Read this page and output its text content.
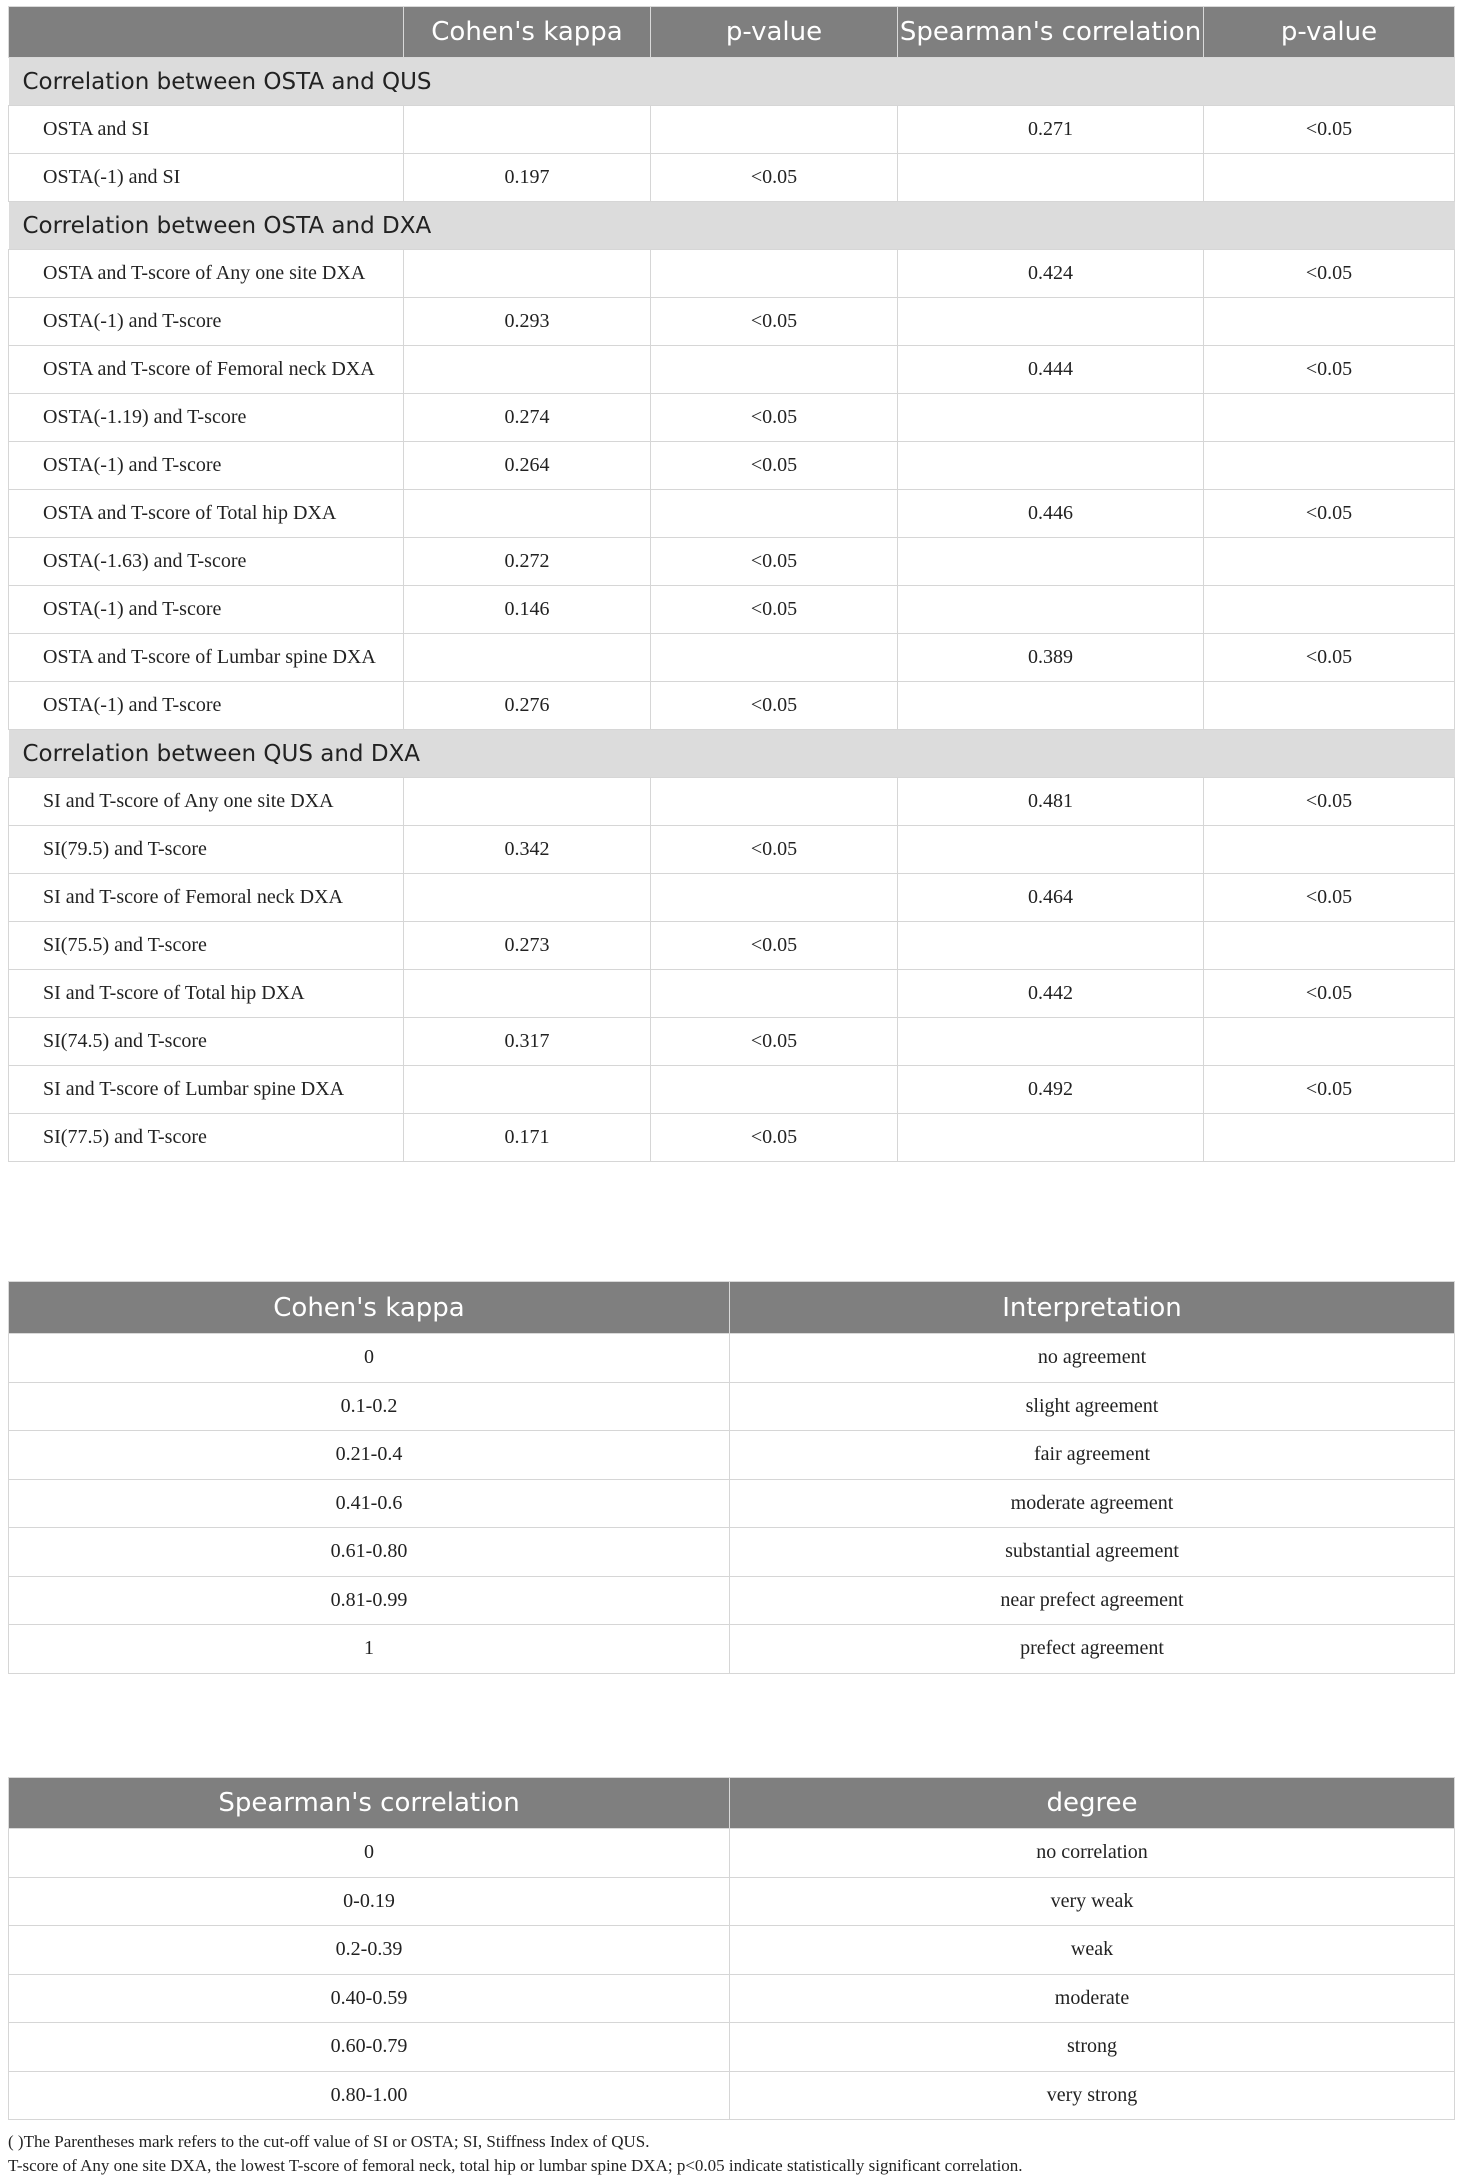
	Cohen's kappa	p-value	Spearman's correlation	p-value
Correlation between OSTA and QUS				
OSTA and SI			0.271	<0.05
OSTA(-1) and SI	0.197	<0.05		
Correlation between OSTA and DXA				
OSTA and T-score of Any one site DXA			0.424	<0.05
OSTA(-1) and T-score	0.293	<0.05		
OSTA and T-score of Femoral neck DXA			0.444	<0.05
OSTA(-1.19) and T-score	0.274	<0.05		
OSTA(-1) and T-score	0.264	<0.05		
OSTA and T-score of Total hip DXA			0.446	<0.05
OSTA(-1.63) and T-score	0.272	<0.05		
OSTA(-1) and T-score	0.146	<0.05		
OSTA and T-score of Lumbar spine DXA			0.389	<0.05
OSTA(-1) and T-score	0.276	<0.05		
Correlation between QUS and DXA				
SI and T-score of Any one site DXA			0.481	<0.05
SI(79.5) and T-score	0.342	<0.05		
SI and T-score of Femoral neck DXA			0.464	<0.05
SI(75.5) and T-score	0.273	<0.05		
SI and T-score of Total hip DXA			0.442	<0.05
SI(74.5) and T-score	0.317	<0.05		
SI and T-score of Lumbar spine DXA			0.492	<0.05
SI(77.5) and T-score	0.171	<0.05		
Cohen's kappa	Interpretation
0	no agreement
0.1-0.2	slight agreement
0.21-0.4	fair agreement
0.41-0.6	moderate agreement
0.61-0.80	substantial agreement
0.81-0.99	near prefect agreement
1	prefect agreement
Spearman's correlation	degree
0	no correlation
0-0.19	very weak
0.2-0.39	weak
0.40-0.59	moderate
0.60-0.79	strong
0.80-1.00	very strong
( )The Parentheses mark refers to the cut-off value of SI or OSTA; SI, Stiffness Index of QUS.
T-score of Any one site DXA, the lowest T-score of femoral neck, total hip or lumbar spine DXA; p<0.05 indicate statistically significant correlation.
